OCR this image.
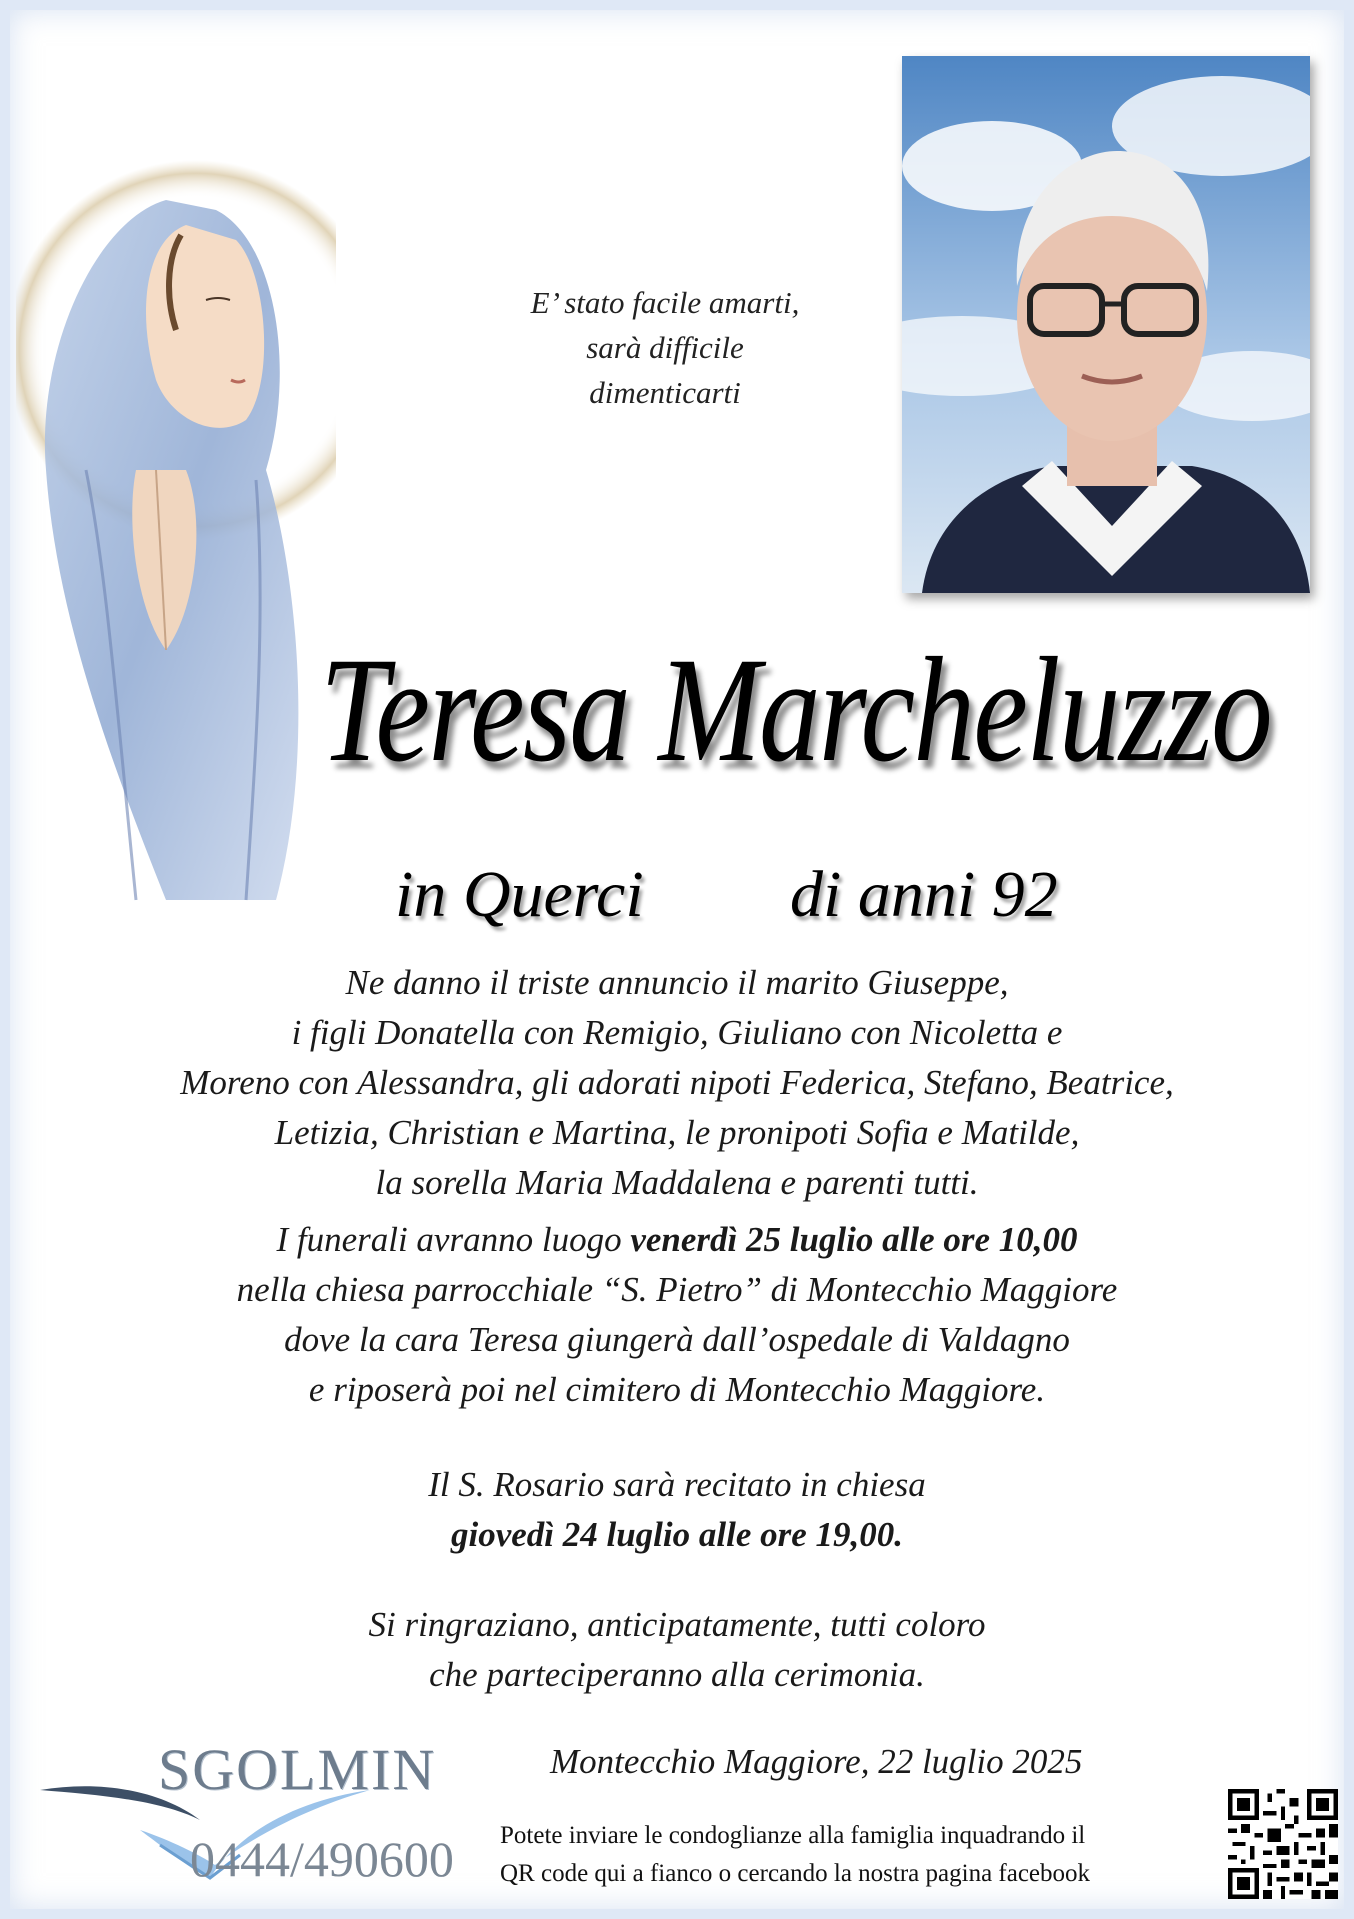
E’ stato facile amarti,
sarà difficile
dimenticarti
Teresa Marcheluzzo
in Querci di anni 92
Ne danno il triste annuncio il marito Giuseppe,
i figli Donatella con Remigio, Giuliano con Nicoletta e
Moreno con Alessandra, gli adorati nipoti Federica, Stefano, Beatrice,
Letizia, Christian e Martina, le pronipoti Sofia e Matilde,
la sorella Maria Maddalena e parenti tutti.
I funerali avranno luogo venerdì 25 luglio alle ore 10,00
nella chiesa parrocchiale “S. Pietro” di Montecchio Maggiore
dove la cara Teresa giungerà dall’ospedale di Valdagno
e riposerà poi nel cimitero di Montecchio Maggiore.
Il S. Rosario sarà recitato in chiesa
giovedì 24 luglio alle ore 19,00.
Si ringraziano, anticipatamente, tutti coloro
che parteciperanno alla cerimonia.
SGOLMIN
0444/490600
Montecchio Maggiore, 22 luglio 2025
Potete inviare le condoglianze alla famiglia inquadrando il
QR code qui a fianco o cercando la nostra pagina facebook
